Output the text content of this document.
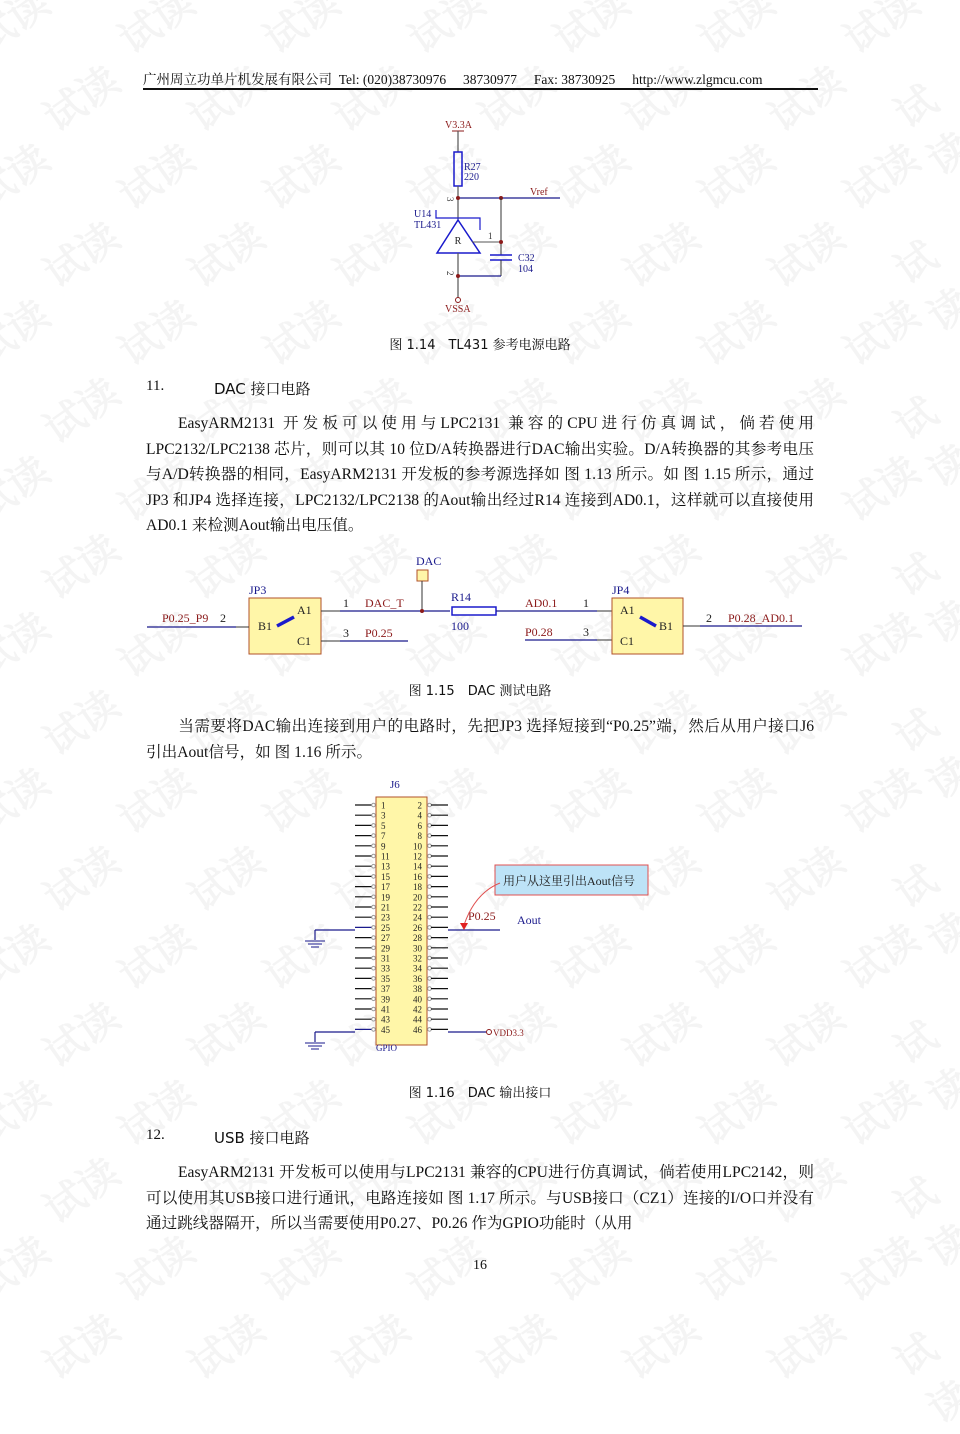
广州周立功单片机发展有限公司 Tel: (020)38730976 38730977 Fax: 38730925 http://www.zlgmcu.com
V3.3A
R27
220
Vref
3
U14
TL431
R	1
C32
104
2
VSSA
图 1.14　TL431 参考电源电路
11.	DAC 接口电路
EasyARM2131 开发板可以使用与LPC2131 兼容的CPU进行仿真调试，倘若使用LPC2132/LPC2138 芯片，则可以其 10 位D/A转换器进行DAC输出实验。D/A转换器的其参考电压与A/D转换器的相同，EasyARM2131 开发板的参考源选择如 图 1.13 所示。如 图 1.15 所示，通过JP3 和JP4 选择连接，LPC2132/LPC2138 的Aout输出经过R14 连接到AD0.1，这样就可以直接使用AD0.1 来检测Aout输出电压值。
DAC
JP3
A1
B1
C1
P0.25_P9 2
1 DAC_T
3 P0.25
R14
100
AD0.1 1
P0.28	3
JP4
A1
B1
C1
2 P0.28_AD0.1
图 1.15　DAC 测试电路
当需要将DAC输出连接到用户的电路时，先把JP3 选择短接到“P0.25”端，然后从用户接口J6 引出Aout信号，如 图 1.16 所示。
J6
1	2
3	4
5	6
7	8
9	10
11	12
13	14
15	16
17	18
19	20
21	22
23	24
25	26
27	28
29	30
31	32
33	34
35	36
37	38
39	40
41	42
43	44
45	46
GPIO
P0.25 Aout
用户从这里引出Aout信号
VDD3.3
图 1.16　DAC 输出接口
12.	USB 接口电路
EasyARM2131 开发板可以使用与LPC2131 兼容的CPU进行仿真调试，倘若使用LPC2142，则可以使用其USB接口进行通讯，电路连接如 图 1.17 所示。与USB接口（CZ1）连接的I/O口并没有通过跳线器隔开，所以当需要使用P0.27、P0.26 作为GPIO功能时（从用
16
